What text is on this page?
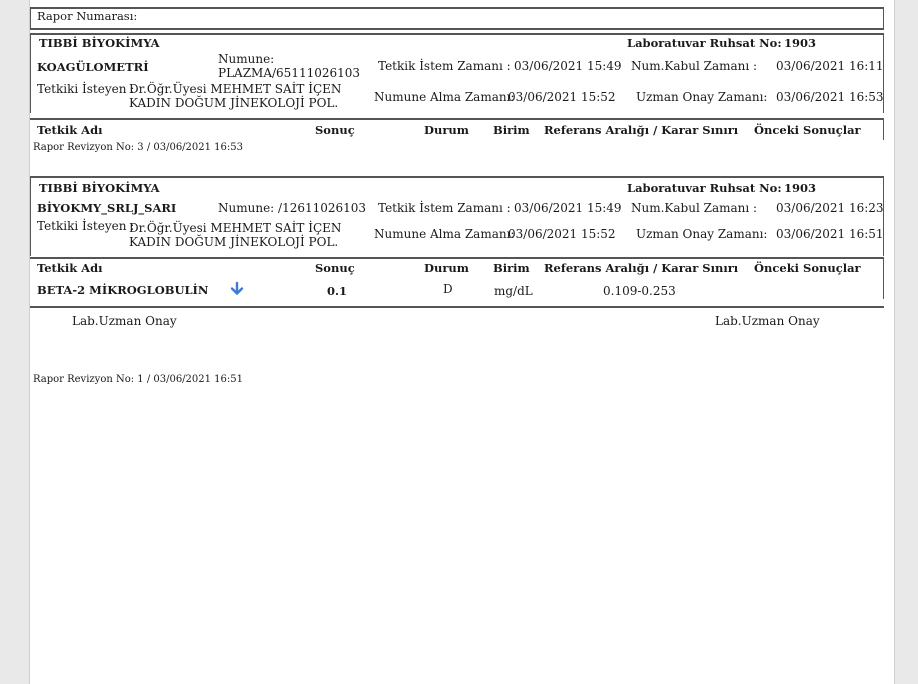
Rapor Numarası:
TIBBİ BİYOKİMYA
KOAGÜLOMETRİ
Numune:
PLAZMA/65111026103
Tetkiki İsteyen :
Dr.Öğr.Üyesi MEHMET SAİT İÇEN
KADIN DOĞUM JİNEKOLOJİ POL.
Tetkik İstem Zamanı : 03/06/2021 15:49
Numune Alma Zamanı:
03/06/2021 15:52
Laboratuvar Ruhsat No: 1903
Num.Kabul Zamanı : 03/06/2021 16:11
Uzman Onay Zamanı: 03/06/2021 16:53
Tetkik Adı	Sonuç	Durum Birim Referans Aralığı / Karar Sınırı Önceki Sonuçlar
Rapor Revizyon No: 3 / 03/06/2021 16:53
TIBBİ BİYOKİMYA
BİYOKMY_SRLJ_SARI	Numune: /12611026103
Tetkiki İsteyen :
Dr.Öğr.Üyesi MEHMET SAİT İÇEN
KADIN DOĞUM JİNEKOLOJİ POL.
Tetkik İstem Zamanı : 03/06/2021 15:49
Numune Alma Zamanı:
03/06/2021 15:52
Laboratuvar Ruhsat No: 1903
Num.Kabul Zamanı : 03/06/2021 16:23
Uzman Onay Zamanı: 03/06/2021 16:51
Tetkik Adı	Sonuç	Durum Birim Referans Aralığı / Karar Sınırı Önceki Sonuçlar
BETA-2 MİKROGLOBULİN	0.1	D	mg/dL	0.109-0.253
Lab.Uzman Onay	Lab.Uzman Onay
Rapor Revizyon No: 1 / 03/06/2021 16:51
